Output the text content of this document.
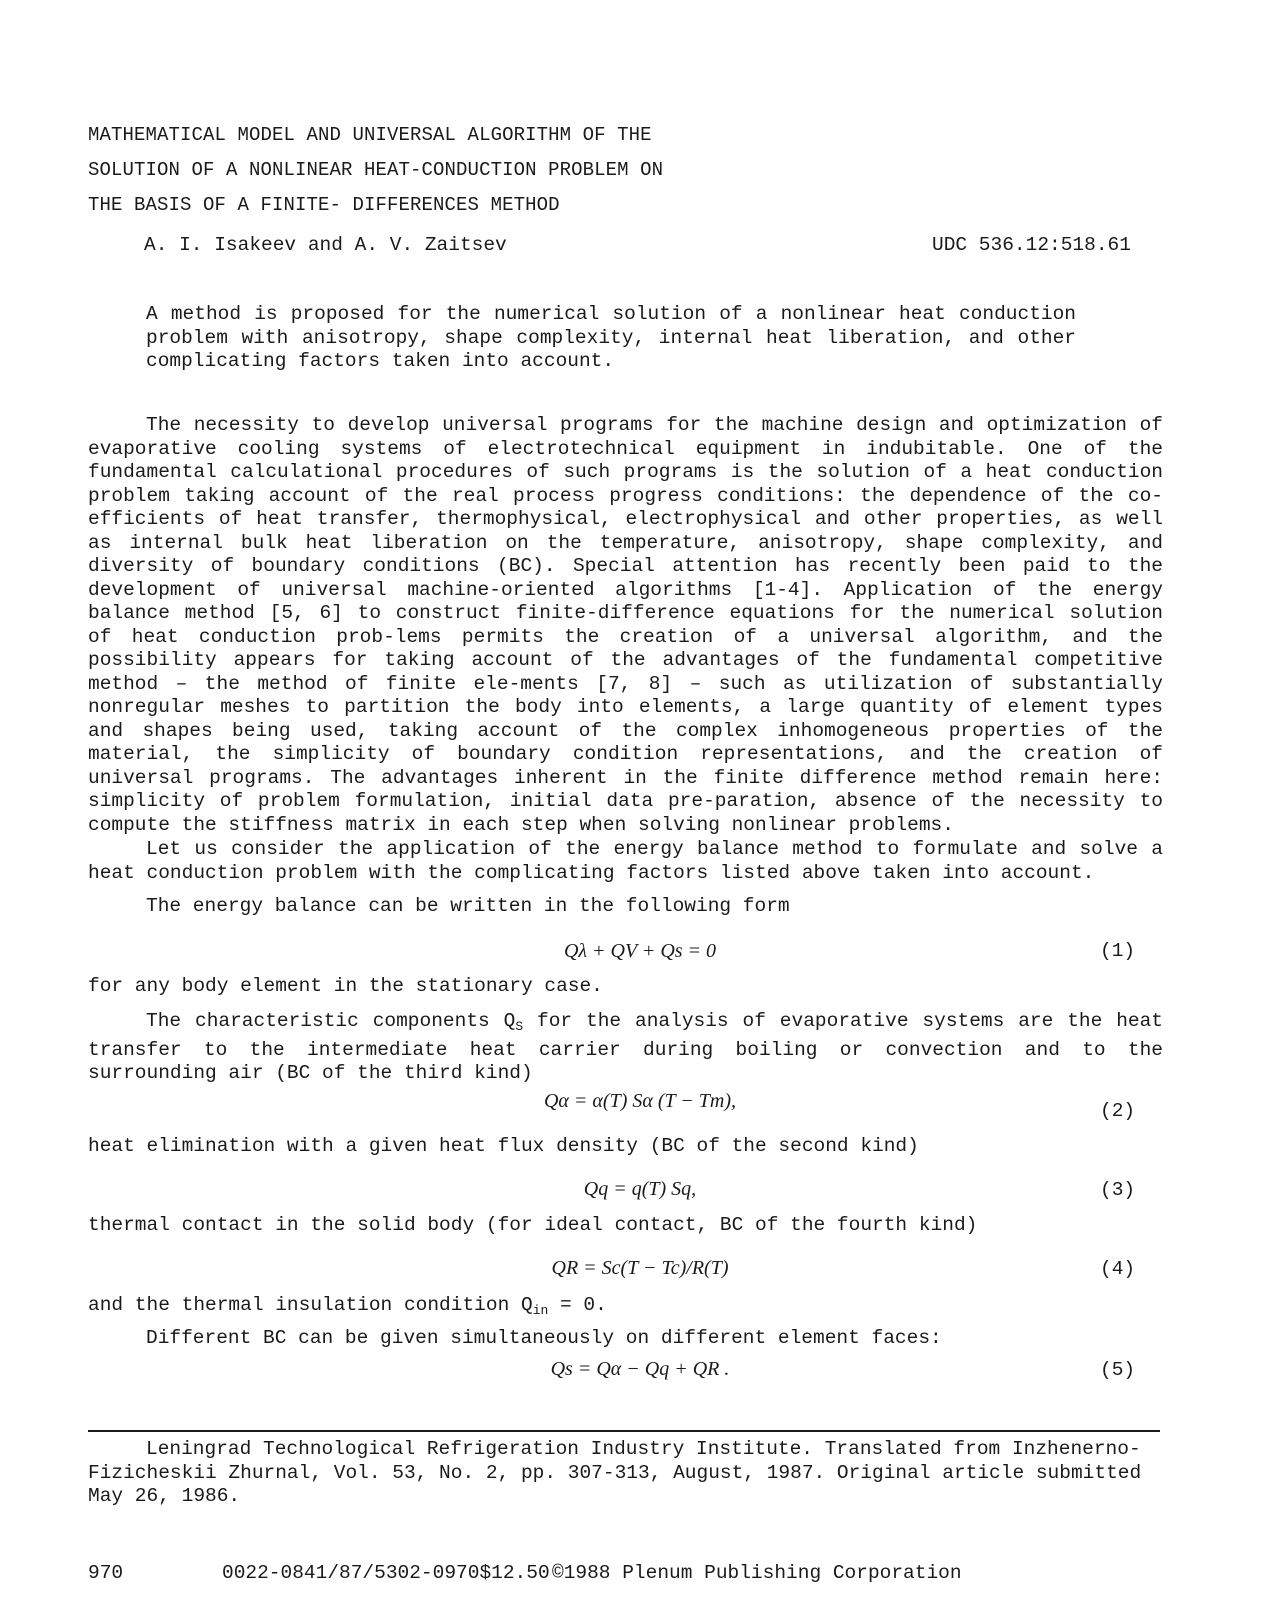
MATHEMATICAL MODEL AND UNIVERSAL ALGORITHM OF THE
SOLUTION OF A NONLINEAR HEAT-CONDUCTION PROBLEM ON
THE BASIS OF A FINITE- DIFFERENCES METHOD
A. I. Isakeev and A. V. Zaitsev	UDC 536.12:518.61
A method is proposed for the numerical solution of a nonlinear heat conduction problem with anisotropy, shape complexity, internal heat liberation, and other complicating factors taken into account.
The necessity to develop universal programs for the machine design and optimization of evaporative cooling systems of electrotechnical equipment in indubitable. One of the fundamental calculational procedures of such programs is the solution of a heat conduction problem taking account of the real process progress conditions: the dependence of the co-efficients of heat transfer, thermophysical, electrophysical and other properties, as well as internal bulk heat liberation on the temperature, anisotropy, shape complexity, and diversity of boundary conditions (BC). Special attention has recently been paid to the development of universal machine-oriented algorithms [1-4]. Application of the energy balance method [5, 6] to construct finite-difference equations for the numerical solution of heat conduction prob-lems permits the creation of a universal algorithm, and the possibility appears for taking account of the advantages of the fundamental competitive method – the method of finite ele-ments [7, 8] – such as utilization of substantially nonregular meshes to partition the body into elements, a large quantity of element types and shapes being used, taking account of the complex inhomogeneous properties of the material, the simplicity of boundary condition representations, and the creation of universal programs. The advantages inherent in the finite difference method remain here: simplicity of problem formulation, initial data pre-paration, absence of the necessity to compute the stiffness matrix in each step when solving nonlinear problems.
Let us consider the application of the energy balance method to formulate and solve a heat conduction problem with the complicating factors listed above taken into account.
The energy balance can be written in the following form
Qλ + QV + Qs = 0	(1)
for any body element in the stationary case.
The characteristic components $Q_S$ for the analysis of evaporative systems are the heat transfer to the intermediate heat carrier during boiling or convection and to the surrounding air (BC of the third kind)
Qα = α(T) Sα (T − Tm),	(2)
heat elimination with a given heat flux density (BC of the second kind)
Qq = q(T) Sq,	(3)
thermal contact in the solid body (for ideal contact, BC of the fourth kind)
QR = Sc(T − Tc)/R(T)	(4)
and the thermal insulation condition $Q_{in} = 0$.
Different BC can be given simultaneously on different element faces:
Qs = Qα − Qq + QR .	(5)
Leningrad Technological Refrigeration Industry Institute. Translated from Inzhenerno-Fizicheskii Zhurnal, Vol. 53, No. 2, pp. 307-313, August, 1987. Original article submitted May 26, 1986.
970	0022-0841/87/5302-0970$12.50 ©1988 Plenum Publishing Corporation
